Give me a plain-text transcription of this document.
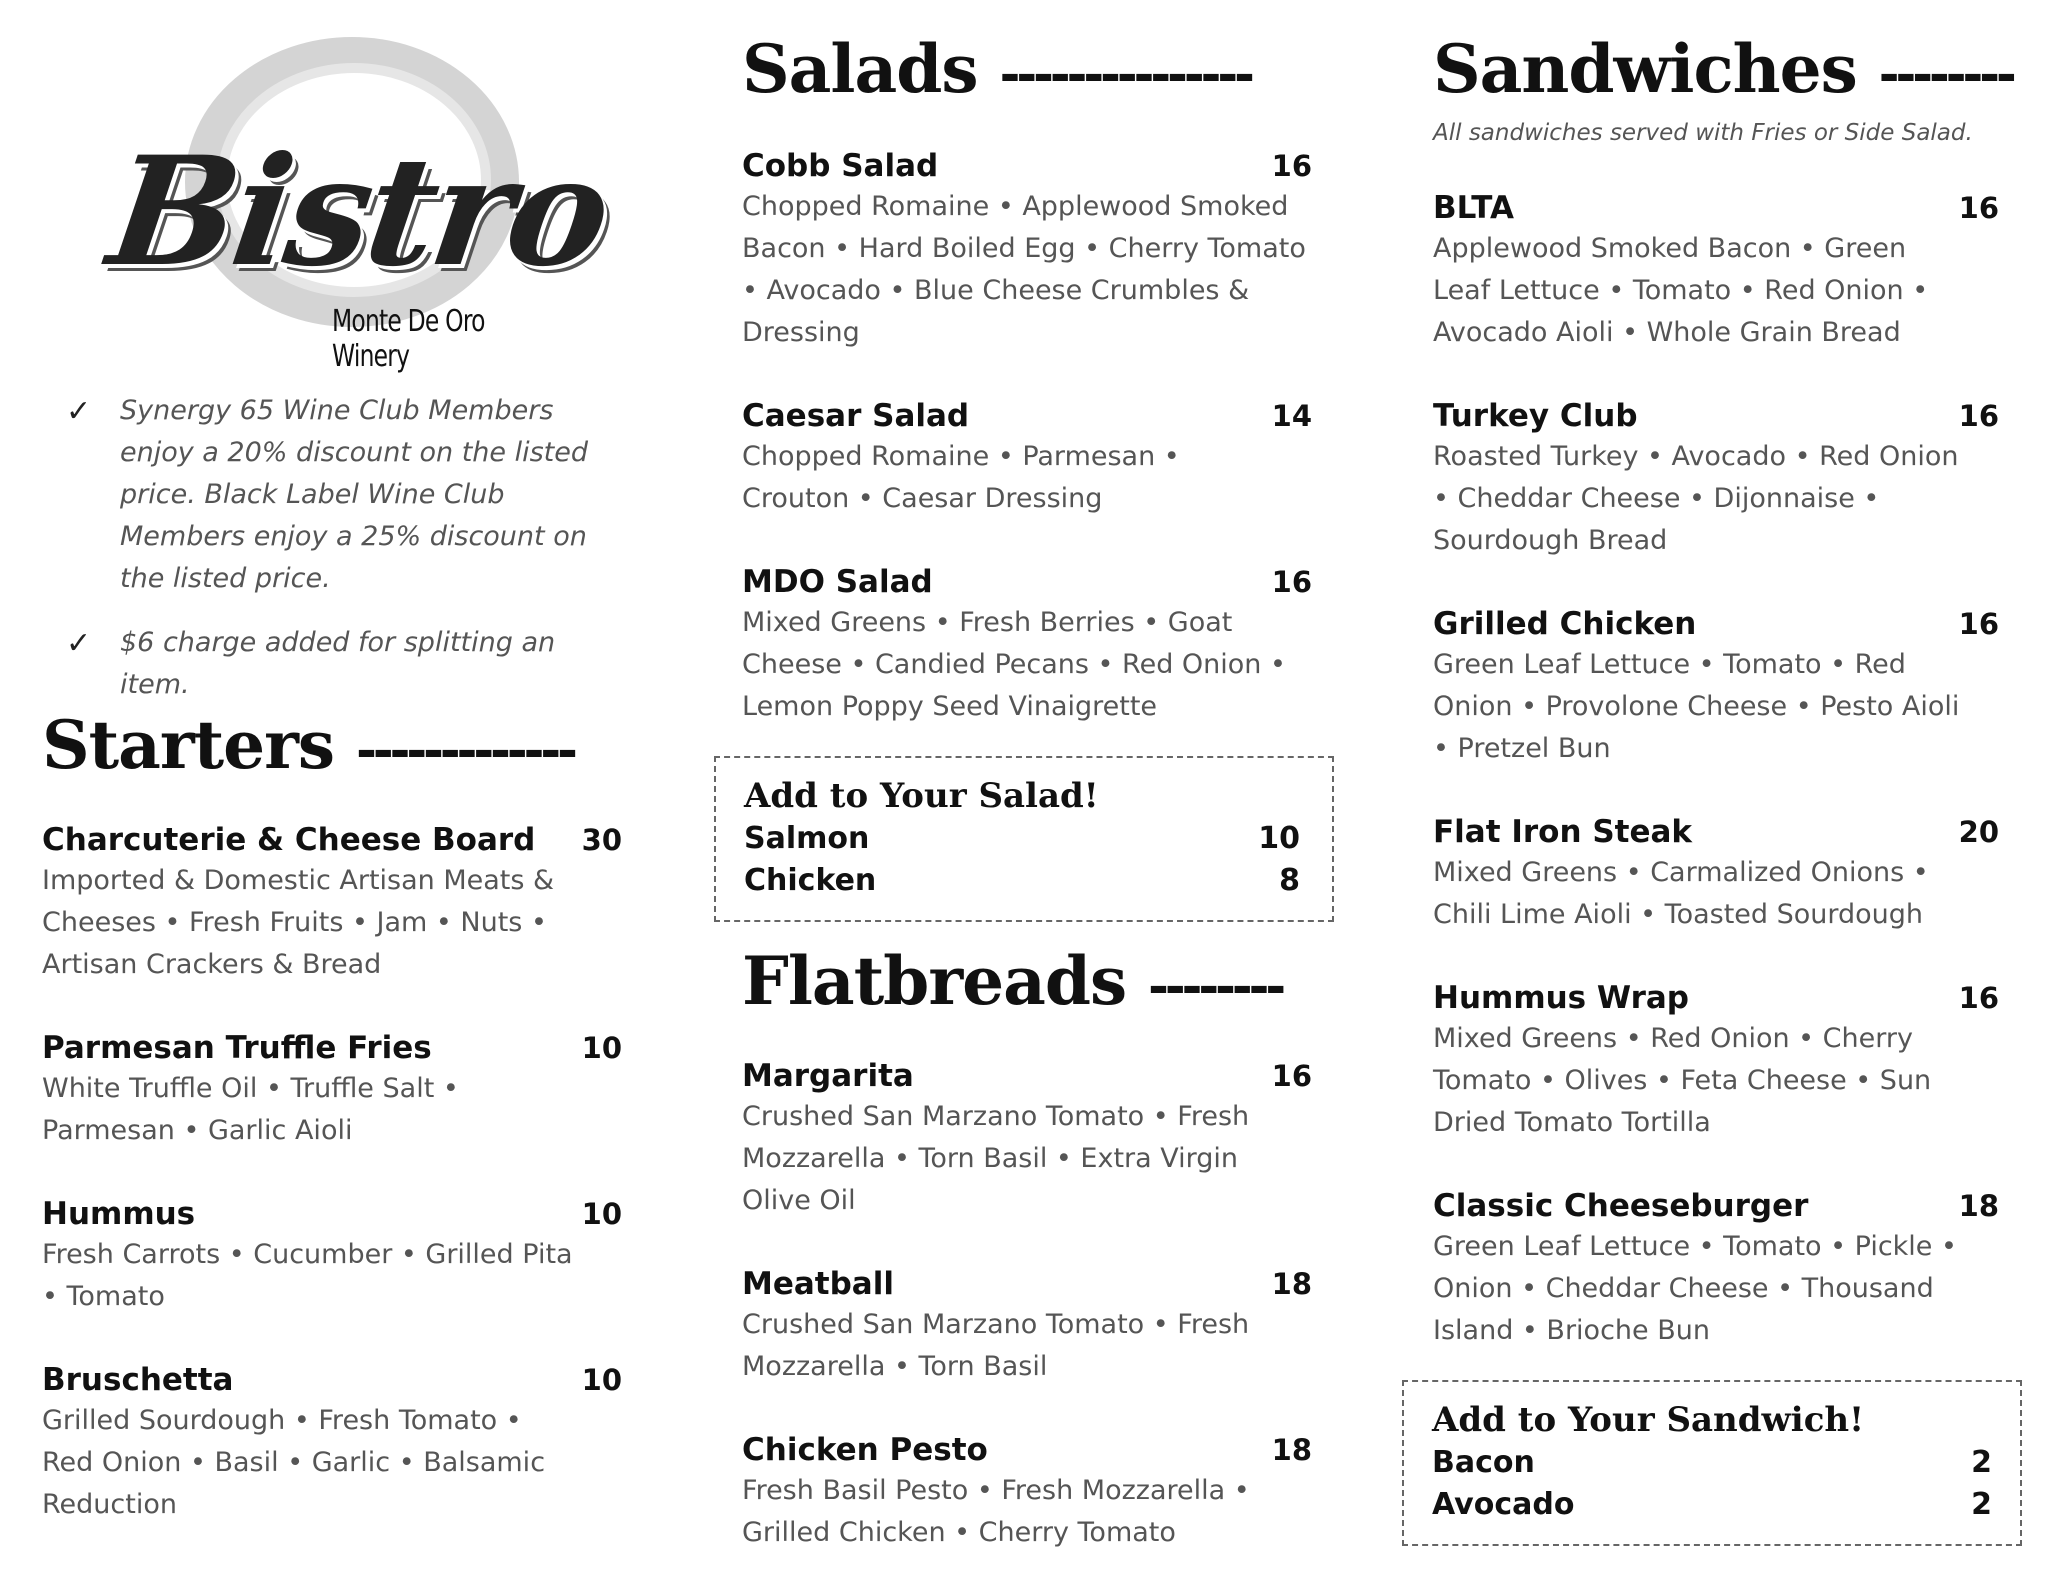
Bistro
Monte De Oro Winery
✓ Synergy 65 Wine Club Members enjoy a 20% discount on the listed price. Black Label Wine Club Members enjoy a 25% discount on the listed price.
✓ $6 charge added for splitting an item.
Starters -------------
Charcuterie & Cheese Board 30
Imported & Domestic Artisan Meats & Cheeses • Fresh Fruits • Jam • Nuts • Artisan Crackers & Bread
Parmesan Truffle Fries	10
White Truffle Oil • Truffle Salt • Parmesan • Garlic Aioli
Hummus	10
Fresh Carrots • Cucumber • Grilled Pita • Tomato
Bruschetta	10
Grilled Sourdough • Fresh Tomato • Red Onion • Basil • Garlic • Balsamic Reduction
Salads ---------------
Cobb Salad	16
Chopped Romaine • Applewood Smoked Bacon • Hard Boiled Egg • Cherry Tomato • Avocado • Blue Cheese Crumbles & Dressing
Caesar Salad	14
Chopped Romaine • Parmesan • Crouton • Caesar Dressing
MDO Salad	16
Mixed Greens • Fresh Berries • Goat Cheese • Candied Pecans • Red Onion • Lemon Poppy Seed Vinaigrette
Add to Your Salad!
Salmon	10
Chicken	8
Flatbreads --------
Margarita	16
Crushed San Marzano Tomato • Fresh Mozzarella • Torn Basil • Extra Virgin Olive Oil
Meatball	18
Crushed San Marzano Tomato • Fresh Mozzarella • Torn Basil
Chicken Pesto	18
Fresh Basil Pesto • Fresh Mozzarella • Grilled Chicken • Cherry Tomato
Sandwiches --------
All sandwiches served with Fries or Side Salad.
BLTA	16
Applewood Smoked Bacon • Green Leaf Lettuce • Tomato • Red Onion • Avocado Aioli • Whole Grain Bread
Turkey Club	16
Roasted Turkey • Avocado • Red Onion • Cheddar Cheese • Dijonnaise • Sourdough Bread
Grilled Chicken	16
Green Leaf Lettuce • Tomato • Red Onion • Provolone Cheese • Pesto Aioli • Pretzel Bun
Flat Iron Steak	20
Mixed Greens • Carmalized Onions • Chili Lime Aioli • Toasted Sourdough
Hummus Wrap	16
Mixed Greens • Red Onion • Cherry Tomato • Olives • Feta Cheese • Sun Dried Tomato Tortilla
Classic Cheeseburger	18
Green Leaf Lettuce • Tomato • Pickle • Onion • Cheddar Cheese • Thousand Island • Brioche Bun
Add to Your Sandwich!
Bacon	2
Avocado	2
